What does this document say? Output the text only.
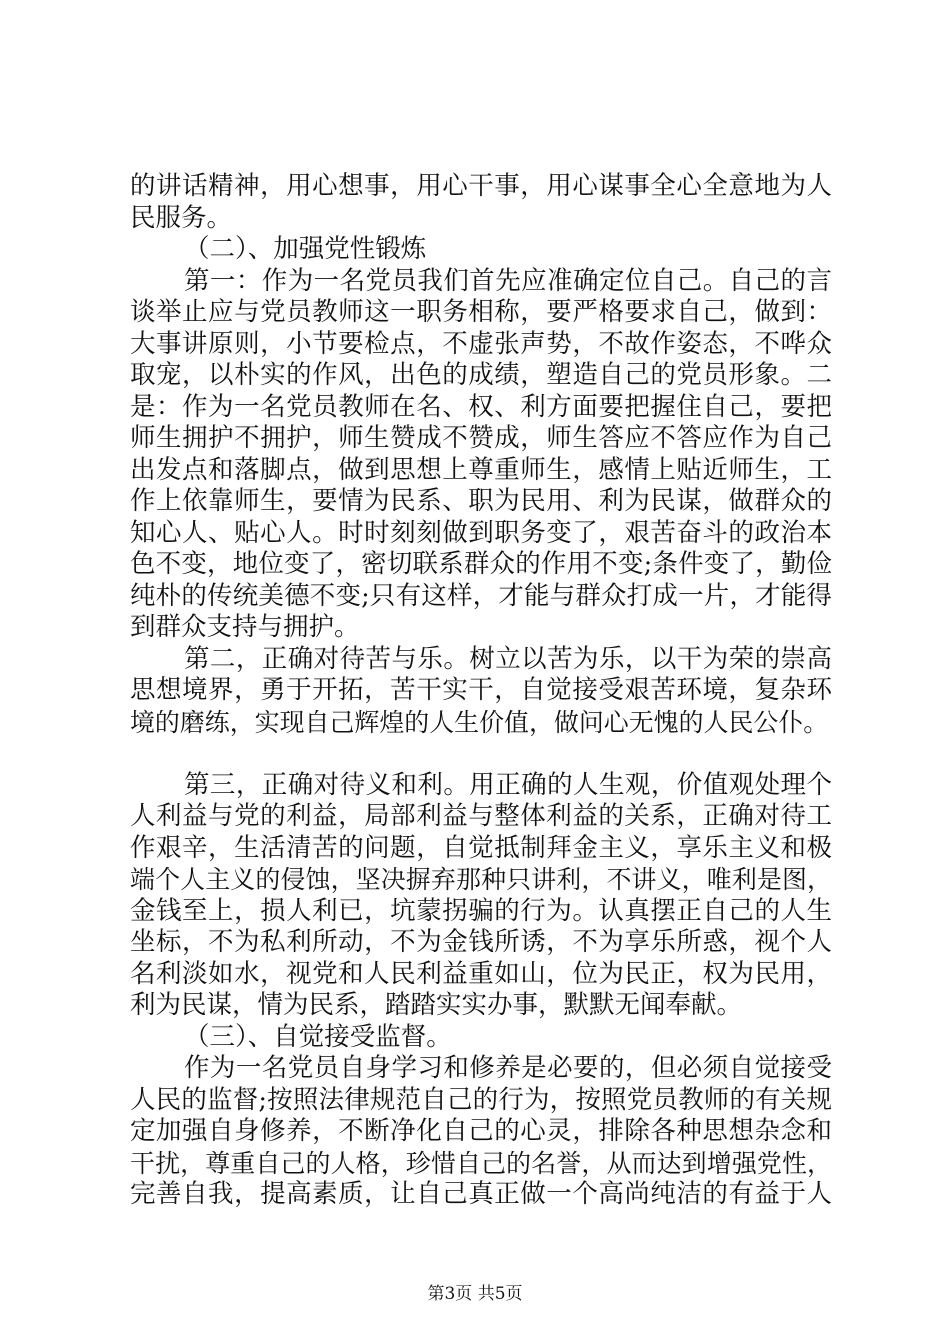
的讲话精神，用心想事，用心干事，用心谋事全心全意地为人
民服务。
（二）、加强党性锻炼
第一：作为一名党员我们首先应准确定位自己。自己的言
谈举止应与党员教师这一职务相称，要严格要求自己，做到：
大事讲原则，小节要检点，不虚张声势，不故作姿态，不哗众
取宠，以朴实的作风，出色的成绩，塑造自己的党员形象。二
是：作为一名党员教师在名、权、利方面要把握住自己，要把
师生拥护不拥护，师生赞成不赞成，师生答应不答应作为自己
出发点和落脚点，做到思想上尊重师生，感情上贴近师生，工
作上依靠师生，要情为民系、职为民用、利为民谋，做群众的
知心人、贴心人。时时刻刻做到职务变了，艰苦奋斗的政治本
色不变，地位变了，密切联系群众的作用不变;条件变了，勤俭
纯朴的传统美德不变;只有这样，才能与群众打成一片，才能得
到群众支持与拥护。
第二，正确对待苦与乐。树立以苦为乐，以干为荣的崇高
思想境界，勇于开拓，苦干实干，自觉接受艰苦环境，复杂环
境的磨练，实现自己辉煌的人生价值，做问心无愧的人民公仆。
第三，正确对待义和利。用正确的人生观，价值观处理个
人利益与党的利益，局部利益与整体利益的关系，正确对待工
作艰辛，生活清苦的问题，自觉抵制拜金主义，享乐主义和极
端个人主义的侵蚀，坚决摒弃那种只讲利，不讲义，唯利是图，
金钱至上，损人利已，坑蒙拐骗的行为。认真摆正自己的人生
坐标，不为私利所动，不为金钱所诱，不为享乐所惑，视个人
名利淡如水，视党和人民利益重如山，位为民正，权为民用，
利为民谋，情为民系，踏踏实实办事，默默无闻奉献。
（三）、自觉接受监督。
作为一名党员自身学习和修养是必要的，但必须自觉接受
人民的监督;按照法律规范自己的行为，按照党员教师的有关规
定加强自身修养，不断净化自己的心灵，排除各种思想杂念和
干扰，尊重自己的人格，珍惜自己的名誉，从而达到增强党性，
完善自我，提高素质，让自己真正做一个高尚纯洁的有益于人
第3页 共5页
